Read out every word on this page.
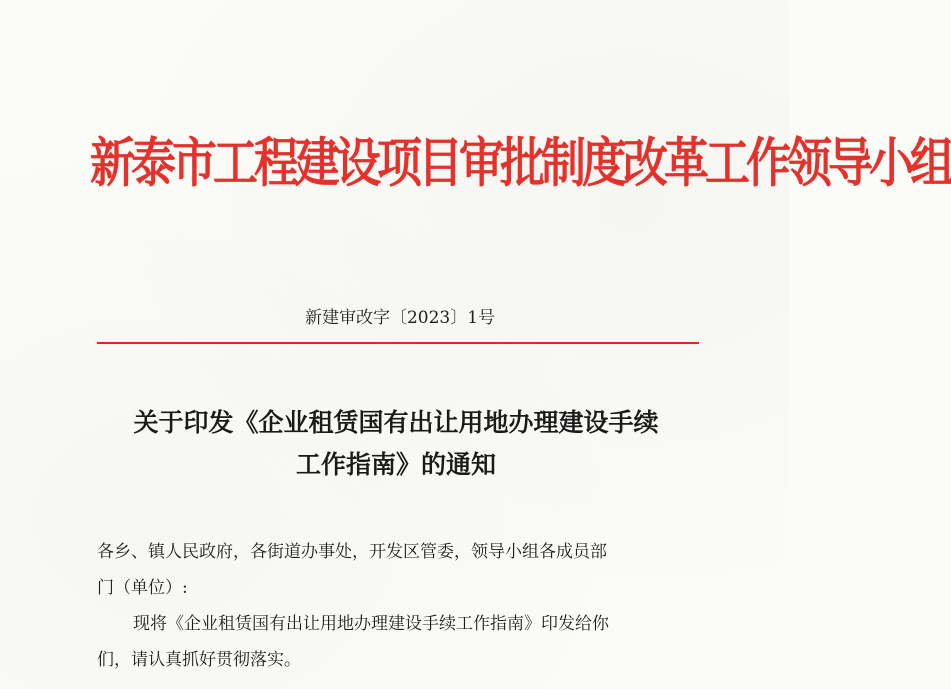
新泰市工程建设项目审批制度改革工作领导小组
新建审改字〔2023〕1号
关于印发《企业租赁国有出让用地办理建设手续
工作指南》的通知

各乡、镇人民政府，各街道办事处，开发区管委，领导小组各成员部

门（单位）:

现将《企业租赁国有出让用地办理建设手续工作指南》印发给你

们，请认真抓好贯彻落实。
